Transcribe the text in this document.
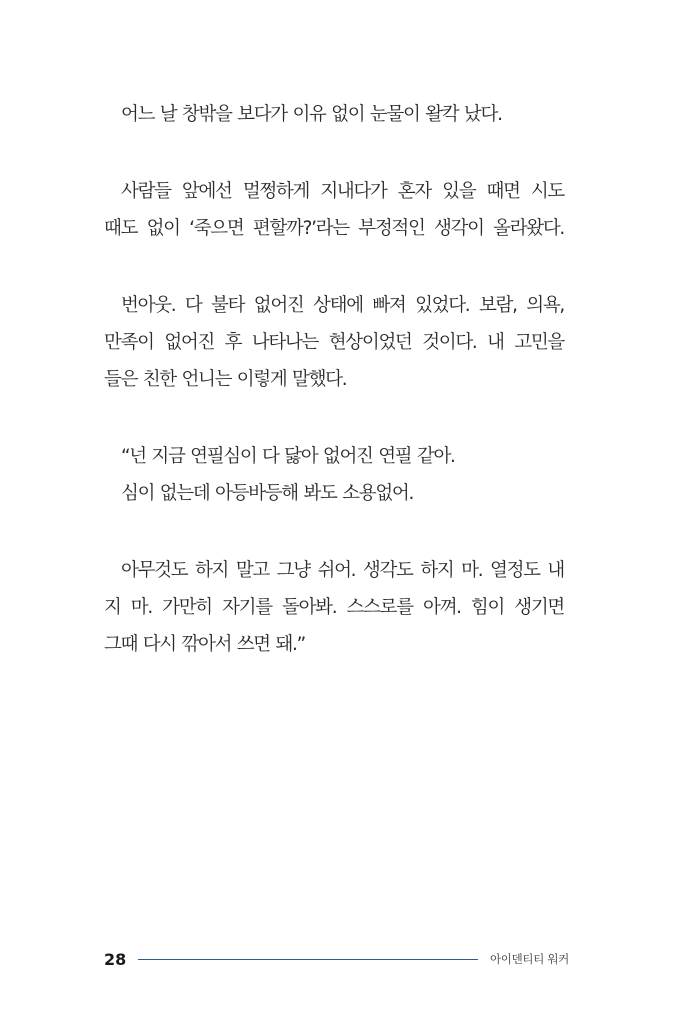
어느 날 창밖을 보다가 이유 없이 눈물이 왈칵 났다.
사람들 앞에선 멀쩡하게 지내다가 혼자 있을 때면 시도
때도 없이 ‘죽으면 편할까?’라는 부정적인 생각이 올라왔다.
번아웃. 다 불타 없어진 상태에 빠져 있었다. 보람, 의욕,
만족이 없어진 후 나타나는 현상이었던 것이다. 내 고민을
들은 친한 언니는 이렇게 말했다.
“넌 지금 연필심이 다 닳아 없어진 연필 같아.
심이 없는데 아등바등해 봐도 소용없어.
아무것도 하지 말고 그냥 쉬어. 생각도 하지 마. 열정도 내
지 마. 가만히 자기를 돌아봐. 스스로를 아껴. 힘이 생기면
그때 다시 깎아서 쓰면 돼.”
28	아이덴티티 워커
